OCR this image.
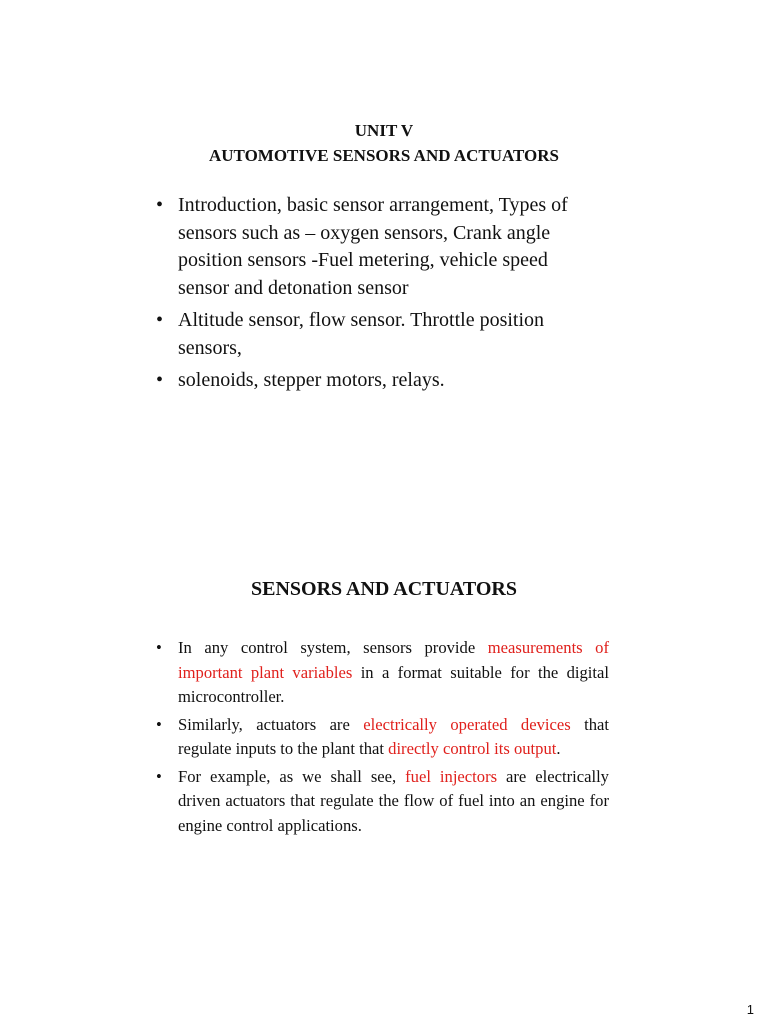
UNIT V
AUTOMOTIVE SENSORS AND ACTUATORS
• Introduction, basic sensor arrangement, Types of sensors such as – oxygen sensors, Crank angle position sensors -Fuel metering, vehicle speed sensor and detonation sensor
• Altitude sensor, flow sensor. Throttle position sensors,
• solenoids, stepper motors, relays.
SENSORS AND ACTUATORS
• In any control system, sensors provide measurements of important plant variables in a format suitable for the digital microcontroller.
• Similarly, actuators are electrically operated devices that regulate inputs to the plant that directly control its output.
• For example, as we shall see, fuel injectors are electrically driven actuators that regulate the flow of fuel into an engine for engine control applications.
1
